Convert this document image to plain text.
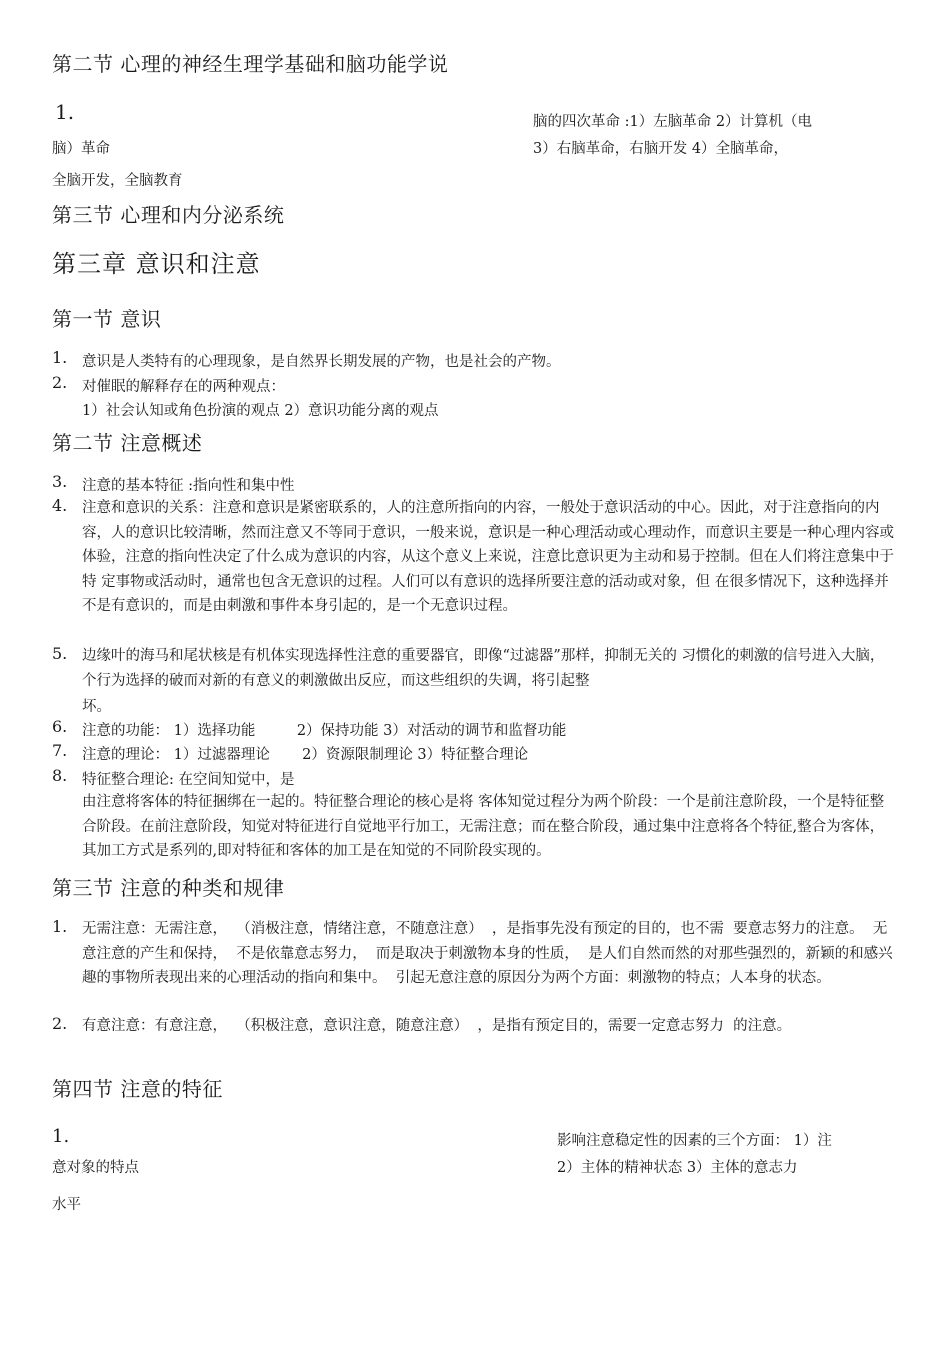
第二节 心理的神经生理学基础和脑功能学说
1.	脑的四次革命 :1）左脑革命 2）计算机（电
脑）革命	3）右脑革命，右脑开发 4）全脑革命，
全脑开发，全脑教育
第三节 心理和内分泌系统
第三章 意识和注意
第一节 意识
1. 意识是人类特有的心理现象，是自然界长期发展的产物，也是社会的产物。
2. 对催眠的解释存在的两种观点：
1）社会认知或角色扮演的观点 2）意识功能分离的观点
第二节 注意概述
3. 注意的基本特征 :指向性和集中性
4. 注意和意识的关系：注意和意识是紧密联系的，人的注意所指向的内容，一般处于意识活动的中心。因此，对于注意指向的内容，人的意识比较清晰，然而注意又不等同于意识，一般来说，意识是一种心理活动或心理动作，而意识主要是一种心理内容或体验，注意的指向性决定了什么成为意识的内容，从这个意义上来说，注意比意识更为主动和易于控制。但在人们将注意集中于特 定事物或活动时，通常也包含无意识的过程。人们可以有意识的选择所要注意的活动或对象，但 在很多情况下，这种选择并不是有意识的，而是由刺激和事件本身引起的，是一个无意识过程。
5. 边缘叶的海马和尾状核是有机体实现选择性注意的重要器官，即像“过滤器”那样，抑制无关的 习惯化的刺激的信号进入大脑，个行为选择的破而对新的有意义的刺激做出反应，而这些组织的失调，将引起整
坏。
6. 注意的功能： 1）选择功能         2）保持功能 3）对活动的调节和监督功能
7. 注意的理论： 1）过滤器理论       2）资源限制理论 3）特征整合理论
8. 特征整合理论: 在空间知觉中，是
由注意将客体的特征捆绑在一起的。特征整合理论的核心是将 客体知觉过程分为两个阶段：一个是前注意阶段，一个是特征整合阶段。在前注意阶段，知觉对特征进行自觉地平行加工，无需注意；而在整合阶段，通过集中注意将各个特征,整合为客体，其加工方式是系列的,即对特征和客体的加工是在知觉的不同阶段实现的。
第三节 注意的种类和规律
1. 无需注意：无需注意，  （消极注意，情绪注意，不随意注意）  ，是指事先没有预定的目的，也不需  要意志努力的注意。  无意注意的产生和保持，  不是依靠意志努力，  而是取决于刺激物本身的性质，  是人们自然而然的对那些强烈的，新颖的和感兴趣的事物所表现出来的心理活动的指向和集中。  引起无意注意的原因分为两个方面：刺激物的特点；人本身的状态。
2. 有意注意：有意注意，  （积极注意，意识注意，随意注意）  ，是指有预定目的，需要一定意志努力  的注意。
第四节 注意的特征
1.	影响注意稳定性的因素的三个方面： 1）注
意对象的特点	2）主体的精神状态 3）主体的意志力
水平
